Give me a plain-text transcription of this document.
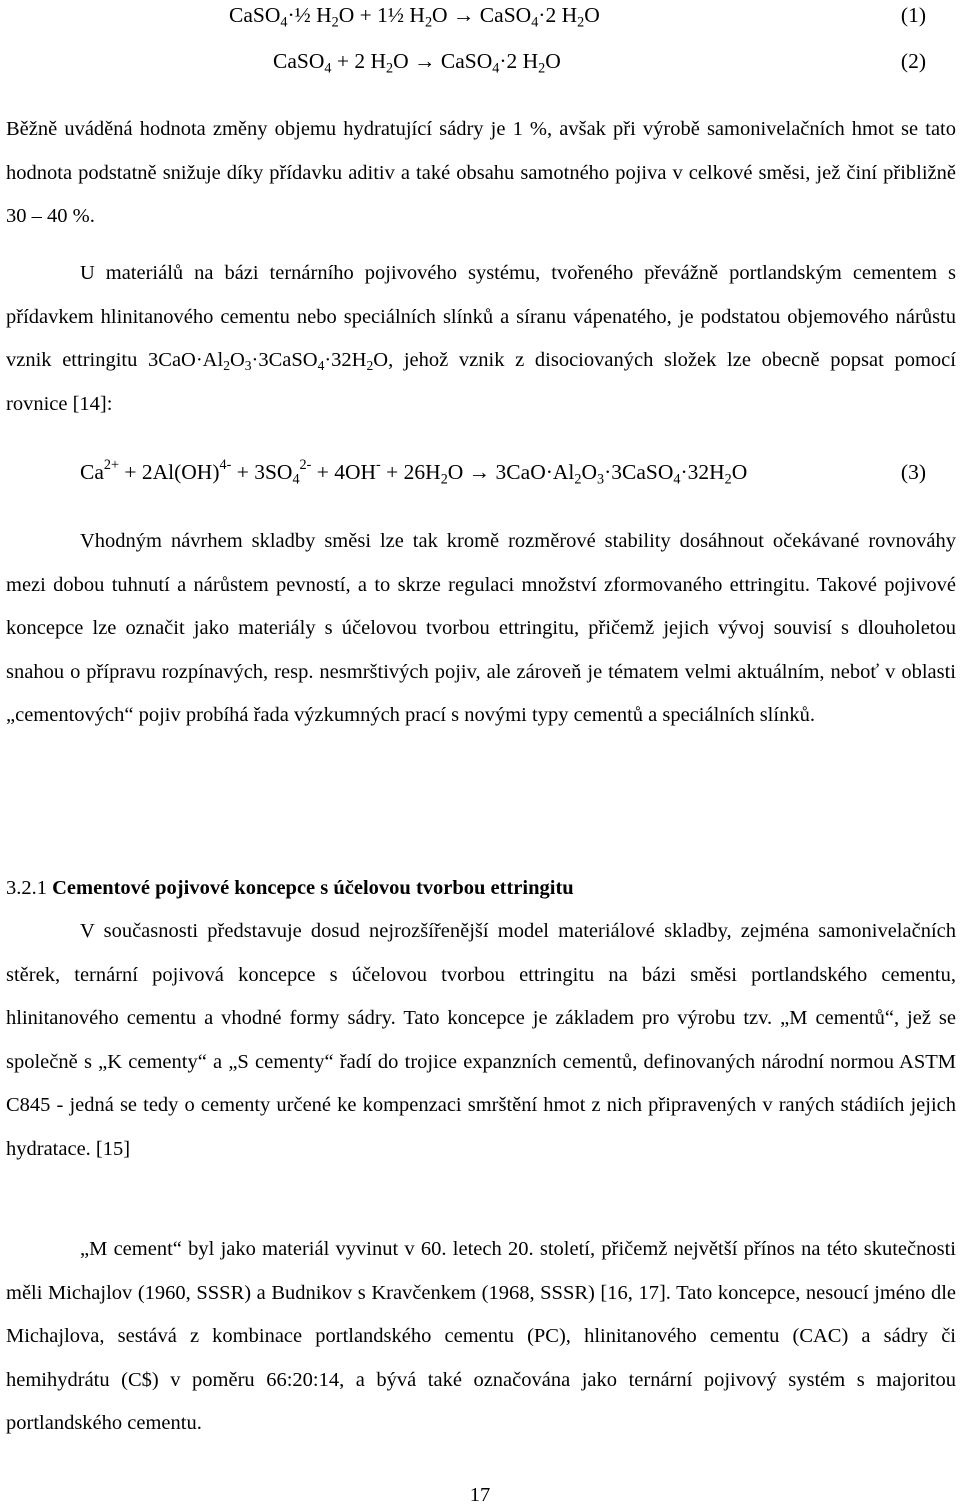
CaSO$_4$·½ $H_2O$ + 1½ $H_2O$ → CaSO$_4$·2 $H_2O$	(1)
CaSO$_4$ + 2 $H_2O$ → CaSO$_4$·2 $H_2O$	(2)

Běžně uváděná hodnota změny objemu hydratující sádry je 1 %, avšak při výrobě samonivelačních hmot se tato hodnota podstatně snižuje díky přídavku aditiv a také obsahu samotného pojiva v celkové směsi, jež činí přibližně 30 – 40 %.

U materiálů na bázi ternárního pojivového systému, tvořeného převážně portlandským cementem s přídavkem hlinitanového cementu nebo speciálních slínků a síranu vápenatého, je podstatou objemového nárůstu vznik ettringitu $3CaO\cdot Al_2O_3\cdot 3CaSO_4\cdot 32H_2O$, jehož vznik z disociovaných složek lze obecně popsat pomocí rovnice [14]:

$Ca^{2+} + 2Al(OH)^{4-} + 3SO_4^{2-} + 4OH^- + 26H_2O$ → $3CaO\cdot Al_2O_3\cdot 3CaSO_4\cdot 32H_2O$	(3)

Vhodným návrhem skladby směsi lze tak kromě rozměrové stability dosáhnout očekávané rovnováhy mezi dobou tuhnutí a nárůstem pevností, a to skrze regulaci množství zformovaného ettringitu. Takové pojivové koncepce lze označit jako materiály s účelovou tvorbou ettringitu, přičemž jejich vývoj souvisí s dlouholetou snahou o přípravu rozpínavých, resp. nesmrštivých pojiv, ale zároveň je tématem velmi aktuálním, neboť v oblasti „cementových“ pojiv probíhá řada výzkumných prací s novými typy cementů a speciálních slínků.

3.2.1 Cementové pojivové koncepce s účelovou tvorbou ettringitu

V současnosti představuje dosud nejrozšířenější model materiálové skladby, zejména samonivelačních stěrek, ternární pojivová koncepce s účelovou tvorbou ettringitu na bázi směsi portlandského cementu, hlinitanového cementu a vhodné formy sádry. Tato koncepce je základem pro výrobu tzv. „M cementů“, jež se společně s „K cementy“ a „S cementy“ řadí do trojice expanzních cementů, definovaných národní normou ASTM C845 - jedná se tedy o cementy určené ke kompenzaci smrštění hmot z nich připravených v raných stádiích jejich hydratace. [15]

„M cement“ byl jako materiál vyvinut v 60. letech 20. století, přičemž největší přínos na této skutečnosti měli Michajlov (1960, SSSR) a Budnikov s Kravčenkem (1968, SSSR) [16, 17]. Tato koncepce, nesoucí jméno dle Michajlova, sestává z kombinace portlandského cementu (PC), hlinitanového cementu (CAC) a sádry či hemihydrátu (C$) v poměru 66:20:14, a bývá také označována jako ternární pojivový systém s majoritou portlandského cementu.

17
